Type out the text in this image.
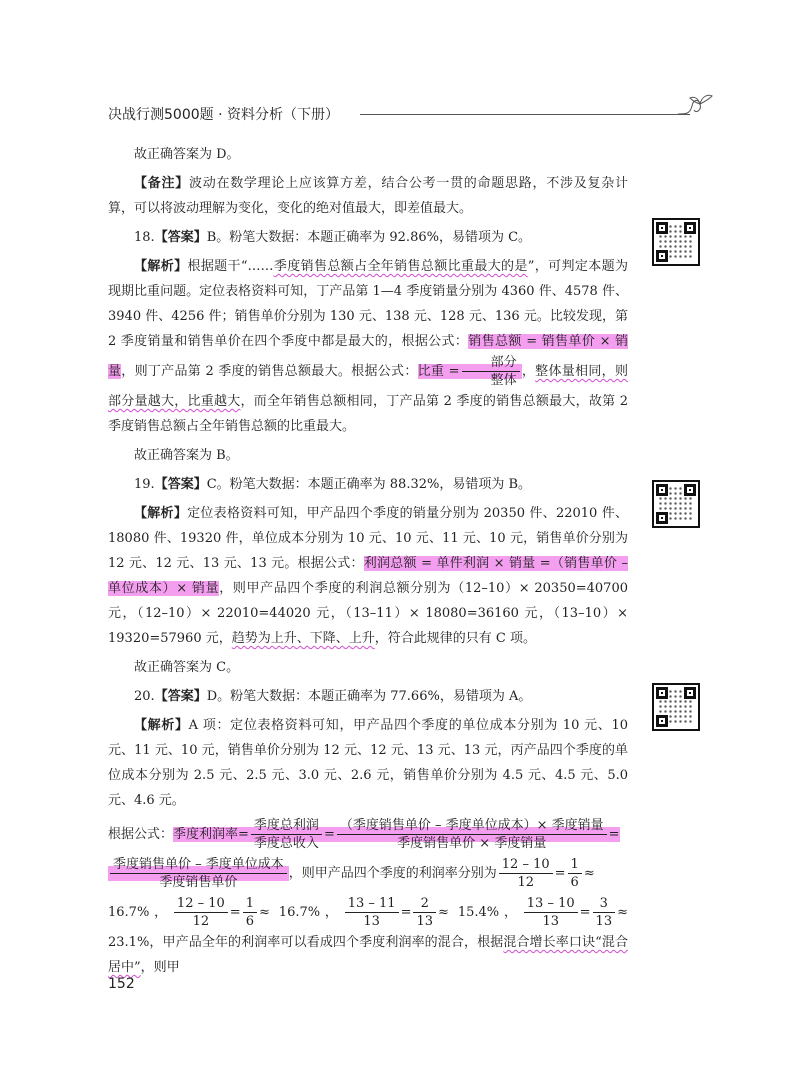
决战行测5000题 · 资料分析（下册）

故正确答案为 D。

【备注】波动在数学理论上应该算方差，结合公考一贯的命题思路，不涉及复杂计算，可以将波动理解为变化，变化的绝对值最大，即差值最大。

18.【答案】B。粉笔大数据：本题正确率为 92.86%，易错项为 C。

【解析】根据题干“……季度销售总额占全年销售总额比重最大的是”，可判定本题为现期比重问题。定位表格资料可知，丁产品第 1—4 季度销量分别为 4360 件、4578 件、3940 件、4256 件；销售单价分别为 130 元、138 元、128 元、136 元。比较发现，第 2 季度销量和销售单价在四个季度中都是最大的，根据公式：销售总额 = 销售单价 × 销量，则丁产品第 2 季度的销售总额最大。根据公式：比重 = $\frac{\text{部分}}{\text{整体}}$ ，整体量相同，则部分量越大，比重越大，而全年销售总额相同，丁产品第 2 季度的销售总额最大，故第 2 季度销售总额占全年销售总额的比重最大。

故正确答案为 B。

19.【答案】C。粉笔大数据：本题正确率为 88.32%，易错项为 B。

【解析】定位表格资料可知，甲产品四个季度的销量分别为 20350 件、22010 件、18080 件、19320 件，单位成本分别为 10 元、10 元、11 元、10 元，销售单价分别为 12 元、12 元、13 元、13 元。根据公式：利润总额 = 单件利润 × 销量 =（销售单价 – 单位成本）× 销量，则甲产品四个季度的利润总额分别为（12–10）× 20350=40700 元，（12–10）× 22010=44020 元，（13–11）× 18080=36160 元，（13–10）× 19320=57960 元，趋势为上升、下降、上升，符合此规律的只有 C 项。

故正确答案为 C。

20.【答案】D。粉笔大数据：本题正确率为 77.66%，易错项为 A。

【解析】A 项：定位表格资料可知，甲产品四个季度的单位成本分别为 10 元、10 元、11 元、10 元，销售单价分别为 12 元、12 元、13 元、13 元，丙产品四个季度的单位成本分别为 2.5 元、2.5 元、3.0 元、2.6 元，销售单价分别为 4.5 元、4.5 元、5.0 元、4.6 元。

根据公式：季度利润率= $\frac{\text{季度总利润}}{\text{季度总收入}} = \frac{\text{（季度销售单价 – 季度单位成本）× 季度销量}}{\text{季度销售单价 × 季度销量}}$ =

$\frac{\text{季度销售单价 – 季度单位成本}}{\text{季度销售单价}}$ ，则甲产品四个季度的利润率分别为 $\frac{12 - 10}{12} = \frac{1}{6}$ ≈

16.7%， $\frac{12 - 10}{12} = \frac{1}{6} \approx 16.7\%$， $\frac{13 - 11}{13} = \frac{2}{13} \approx 15.4\%$， $\frac{13 - 10}{13} = \frac{3}{13} \approx 23.1\%$，甲产品全年的利润率可以看成四个季度利润率的混合，根据混合增长率口诀“混合居中”，则甲

152
